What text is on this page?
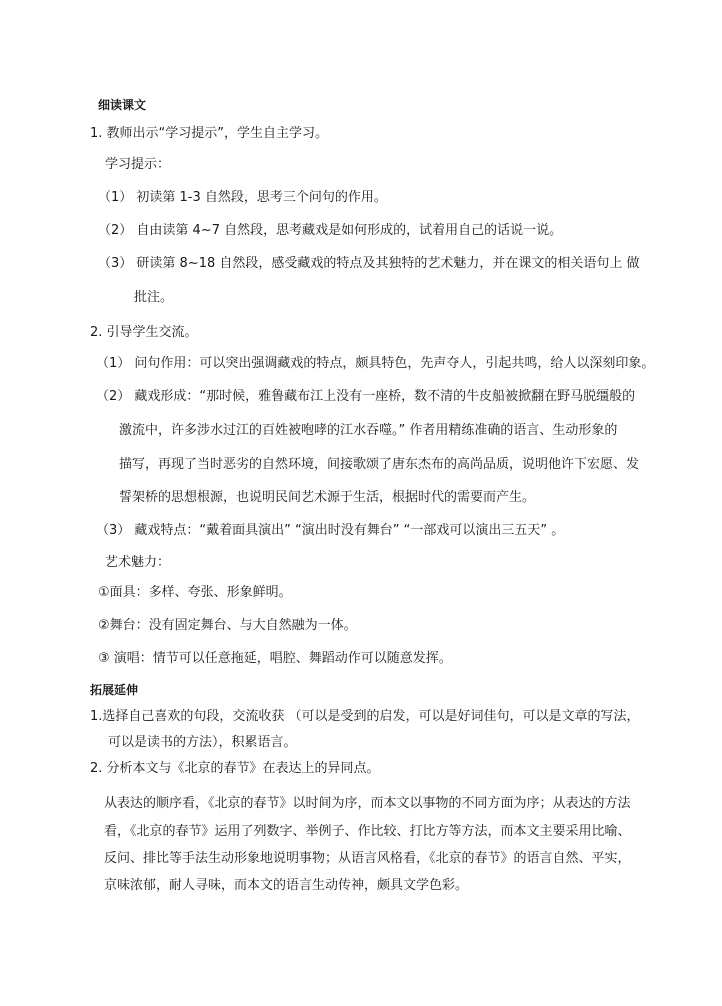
细读课文
1. 教师出示“学习提示”，学生自主学习。
学习提示：
（1） 初读第 1-3 自然段，思考三个问句的作用。
（2） 自由读第 4~7 自然段，思考藏戏是如何形成的，试着用自己的话说一说。
（3） 研读第 8~18 自然段，感受藏戏的特点及其独特的艺术魅力，并在课文的相关语句上 做
批注。
2. 引导学生交流。
（1） 问句作用：可以突出强调藏戏的特点，颇具特色，先声夺人，引起共鸣，给人以深刻印象。
（2） 藏戏形成：“那时候，雅鲁藏布江上没有一座桥，数不清的牛皮船被掀翻在野马脱缰般的
激流中，许多涉水过江的百姓被咆哮的江水吞噬。” 作者用精练准确的语言、生动形象的
描写，再现了当时恶劣的自然环境，间接歌颂了唐东杰布的高尚品质，说明他许下宏愿、发
誓架桥的思想根源，也说明民间艺术源于生活，根据时代的需要而产生。
（3） 藏戏特点：“戴着面具演出” “演出时没有舞台” “一部戏可以演出三五天” 。
艺术魅力：
①面具：多样、夸张、形象鲜明。
②舞台：没有固定舞台、与大自然融为一体。
③ 演唱：情节可以任意拖延，唱腔、舞蹈动作可以随意发挥。
拓展延伸
1.选择自己喜欢的句段，交流收获 （可以是受到的启发，可以是好词佳句，可以是文章的写法，
可以是读书的方法），积累语言。
2. 分析本文与《北京的春节》在表达上的异同点。
从表达的顺序看，《北京的春节》以时间为序，而本文以事物的不同方面为序；从表达的方法
看，《北京的春节》运用了列数字、举例子、作比较、打比方等方法，而本文主要采用比喻、
反问、排比等手法生动形象地说明事物；从语言风格看，《北京的春节》的语言自然、平实，
京味浓郁，耐人寻味，而本文的语言生动传神，颇具文学色彩。
